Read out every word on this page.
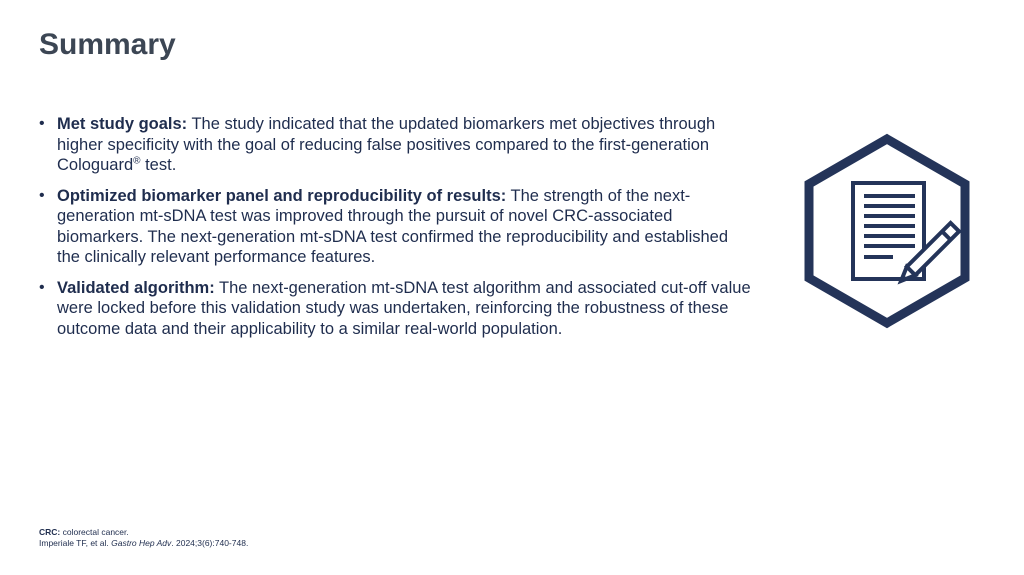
Summary
• Met study goals: The study indicated that the updated biomarkers met objectives through higher specificity with the goal of reducing false positives compared to the first-generation Cologuard® test.
• Optimized biomarker panel and reproducibility of results: The strength of the next-generation mt-sDNA test was improved through the pursuit of novel CRC-associated biomarkers. The next-generation mt-sDNA test confirmed the reproducibility and established the clinically relevant performance features.
• Validated algorithm: The next-generation mt-sDNA test algorithm and associated cut-off value were locked before this validation study was undertaken, reinforcing the robustness of these outcome data and their applicability to a similar real-world population.
CRC: colorectal cancer.
Imperiale TF, et al. Gastro Hep Adv. 2024;3(6):740-748.
